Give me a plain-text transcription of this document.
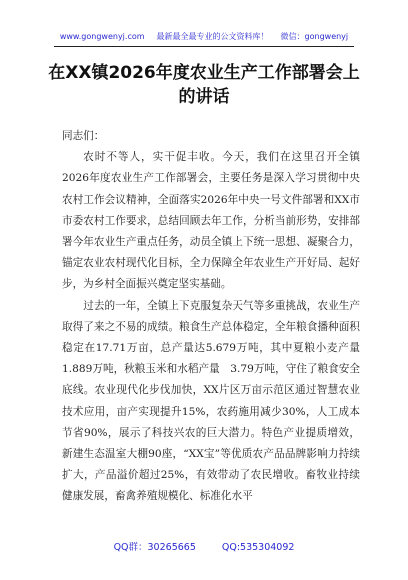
www.gongwenyj.com 最新最全最专业的公文资料库！ 微信：gongwenyj
在XX镇2026年度农业生产工作部署会上的讲话

同志们：

农时不等人，实干促丰收。今天，我们在这里召开全镇2026年度农业生产工作部署会，主要任务是深入学习贯彻中央农村工作会议精神，全面落实2026年中央一号文件部署和XX市市委农村工作要求，总结回顾去年工作，分析当前形势，安排部署今年农业生产重点任务，动员全镇上下统一思想、凝聚合力，锚定农业农村现代化目标，全力保障全年农业生产开好局、起好步，为乡村全面振兴奠定坚实基础。

过去的一年，全镇上下克服复杂天气等多重挑战，农业生产取得了来之不易的成绩。粮食生产总体稳定，全年粮食播种面积稳定在17.71万亩，总产量达5.679万吨，其中夏粮小麦产量1.889万吨，秋粮玉米和水稻产量　3.79万吨，守住了粮食安全底线。农业现代化步伐加快，XX片区万亩示范区通过智慧农业技术应用，亩产实现提升15%，农药施用减少30%，人工成本节省90%，展示了科技兴农的巨大潜力。特色产业提质增效，新建生态温室大棚90座，“XX宝”等优质农产品品牌影响力持续扩大，产品溢价超过25%，有效带动了农民增收。畜牧业持续健康发展，畜禽养殖规模化、标准化水平

QQ群：30265665	QQ:535304092
